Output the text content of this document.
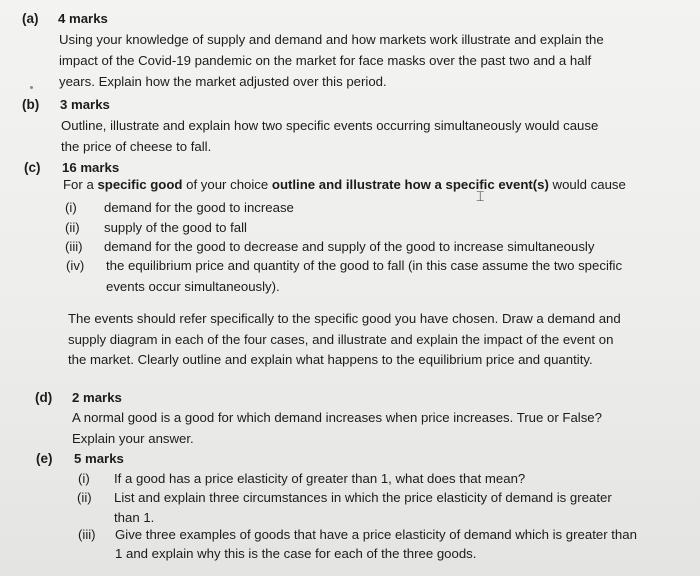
(a) 4 marks
Using your knowledge of supply and demand and how markets work illustrate and explain the
impact of the Covid-19 pandemic on the market for face masks over the past two and a half
years. Explain how the market adjusted over this period.
(b) 3 marks
Outline, illustrate and explain how two specific events occurring simultaneously would cause
the price of cheese to fall.
(c) 16 marks
For a specific good of your choice outline and illustrate how a specific event(s) would cause
⌶
(i) demand for the good to increase
(ii) supply of the good to fall
(iii) demand for the good to decrease and supply of the good to increase simultaneously
(iv) the equilibrium price and quantity of the good to fall (in this case assume the two specific
events occur simultaneously).
The events should refer specifically to the specific good you have chosen. Draw a demand and
supply diagram in each of the four cases, and illustrate and explain the impact of the event on
the market. Clearly outline and explain what happens to the equilibrium price and quantity.
(d) 2 marks
A normal good is a good for which demand increases when price increases. True or False?
Explain your answer.
(e) 5 marks
(i) If a good has a price elasticity of greater than 1, what does that mean?
(ii) List and explain three circumstances in which the price elasticity of demand is greater
than 1.
(iii) Give three examples of goods that have a price elasticity of demand which is greater than
1 and explain why this is the case for each of the three goods.
